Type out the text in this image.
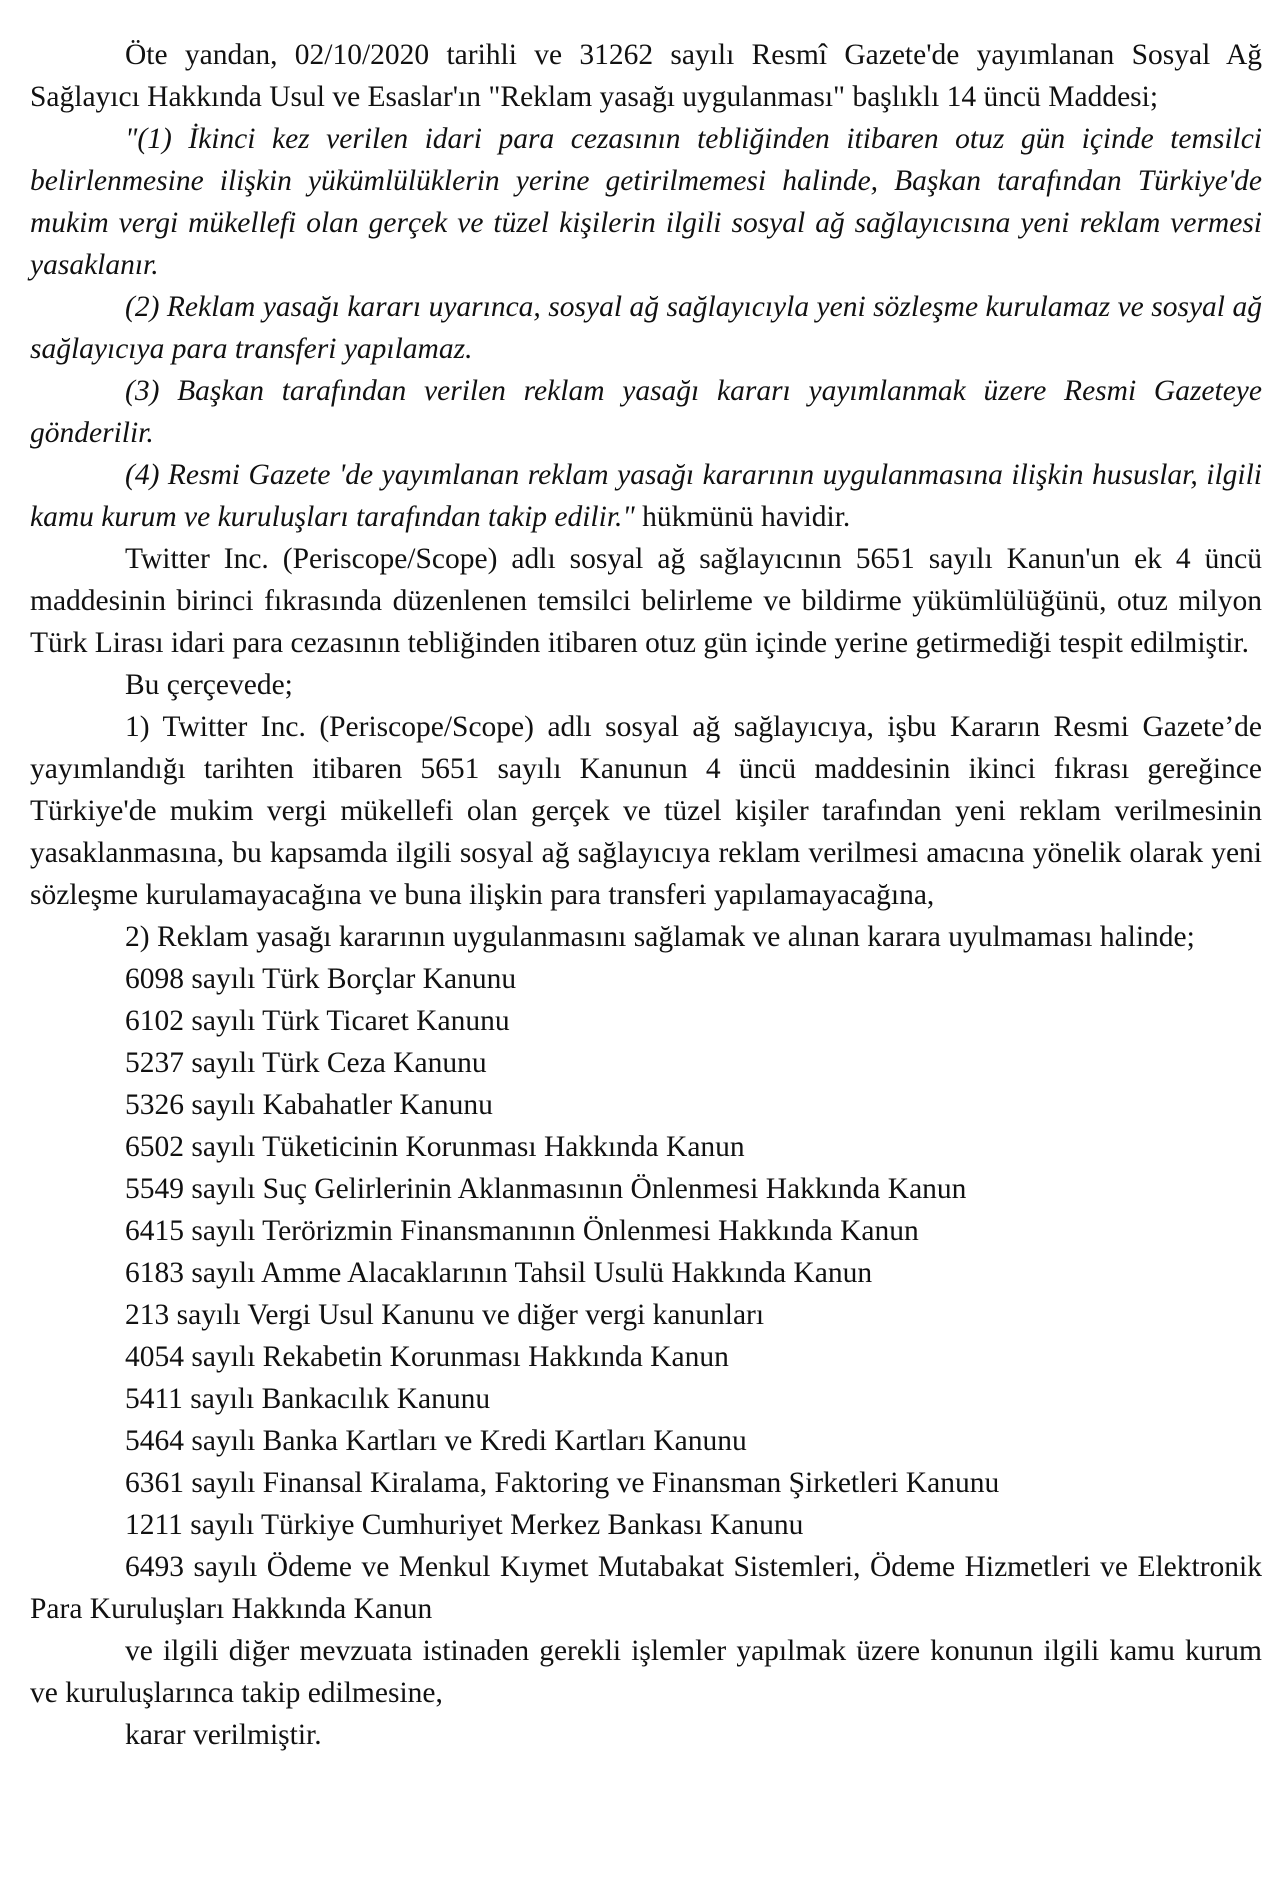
Öte yandan, 02/10/2020 tarihli ve 31262 sayılı Resmî Gazete'de yayımlanan Sosyal Ağ Sağlayıcı Hakkında Usul ve Esaslar'ın "Reklam yasağı uygulanması" başlıklı 14 üncü Maddesi;

"(1) İkinci kez verilen idari para cezasının tebliğinden itibaren otuz gün içinde temsilci belirlenmesine ilişkin yükümlülüklerin yerine getirilmemesi halinde, Başkan tarafından Türkiye'de mukim vergi mükellefi olan gerçek ve tüzel kişilerin ilgili sosyal ağ sağlayıcısına yeni reklam vermesi yasaklanır.

(2) Reklam yasağı kararı uyarınca, sosyal ağ sağlayıcıyla yeni sözleşme kurulamaz ve sosyal ağ sağlayıcıya para transferi yapılamaz.

(3) Başkan tarafından verilen reklam yasağı kararı yayımlanmak üzere Resmi Gazeteye gönderilir.

(4) Resmi Gazete 'de yayımlanan reklam yasağı kararının uygulanmasına ilişkin hususlar, ilgili kamu kurum ve kuruluşları tarafından takip edilir." hükmünü havidir.

Twitter Inc. (Periscope/Scope) adlı sosyal ağ sağlayıcının 5651 sayılı Kanun'un ek 4 üncü maddesinin birinci fıkrasında düzenlenen temsilci belirleme ve bildirme yükümlülüğünü, otuz milyon Türk Lirası idari para cezasının tebliğinden itibaren otuz gün içinde yerine getirmediği tespit edilmiştir.

Bu çerçevede;

1) Twitter Inc. (Periscope/Scope) adlı sosyal ağ sağlayıcıya, işbu Kararın Resmi Gazete’de yayımlandığı tarihten itibaren 5651 sayılı Kanunun 4 üncü maddesinin ikinci fıkrası gereğince Türkiye'de mukim vergi mükellefi olan gerçek ve tüzel kişiler tarafından yeni reklam verilmesinin yasaklanmasına, bu kapsamda ilgili sosyal ağ sağlayıcıya reklam verilmesi amacına yönelik olarak yeni sözleşme kurulamayacağına ve buna ilişkin para transferi yapılamayacağına,

2) Reklam yasağı kararının uygulanmasını sağlamak ve alınan karara uyulmaması halinde;

6098 sayılı Türk Borçlar Kanunu
6102 sayılı Türk Ticaret Kanunu
5237 sayılı Türk Ceza Kanunu
5326 sayılı Kabahatler Kanunu
6502 sayılı Tüketicinin Korunması Hakkında Kanun
5549 sayılı Suç Gelirlerinin Aklanmasının Önlenmesi Hakkında Kanun
6415 sayılı Terörizmin Finansmanının Önlenmesi Hakkında Kanun
6183 sayılı Amme Alacaklarının Tahsil Usulü Hakkında Kanun
213 sayılı Vergi Usul Kanunu ve diğer vergi kanunları
4054 sayılı Rekabetin Korunması Hakkında Kanun
5411 sayılı Bankacılık Kanunu
5464 sayılı Banka Kartları ve Kredi Kartları Kanunu
6361 sayılı Finansal Kiralama, Faktoring ve Finansman Şirketleri Kanunu
1211 sayılı Türkiye Cumhuriyet Merkez Bankası Kanunu
6493 sayılı Ödeme ve Menkul Kıymet Mutabakat Sistemleri, Ödeme Hizmetleri ve Elektronik Para Kuruluşları Hakkında Kanun

ve ilgili diğer mevzuata istinaden gerekli işlemler yapılmak üzere konunun ilgili kamu kurum ve kuruluşlarınca takip edilmesine,

karar verilmiştir.
